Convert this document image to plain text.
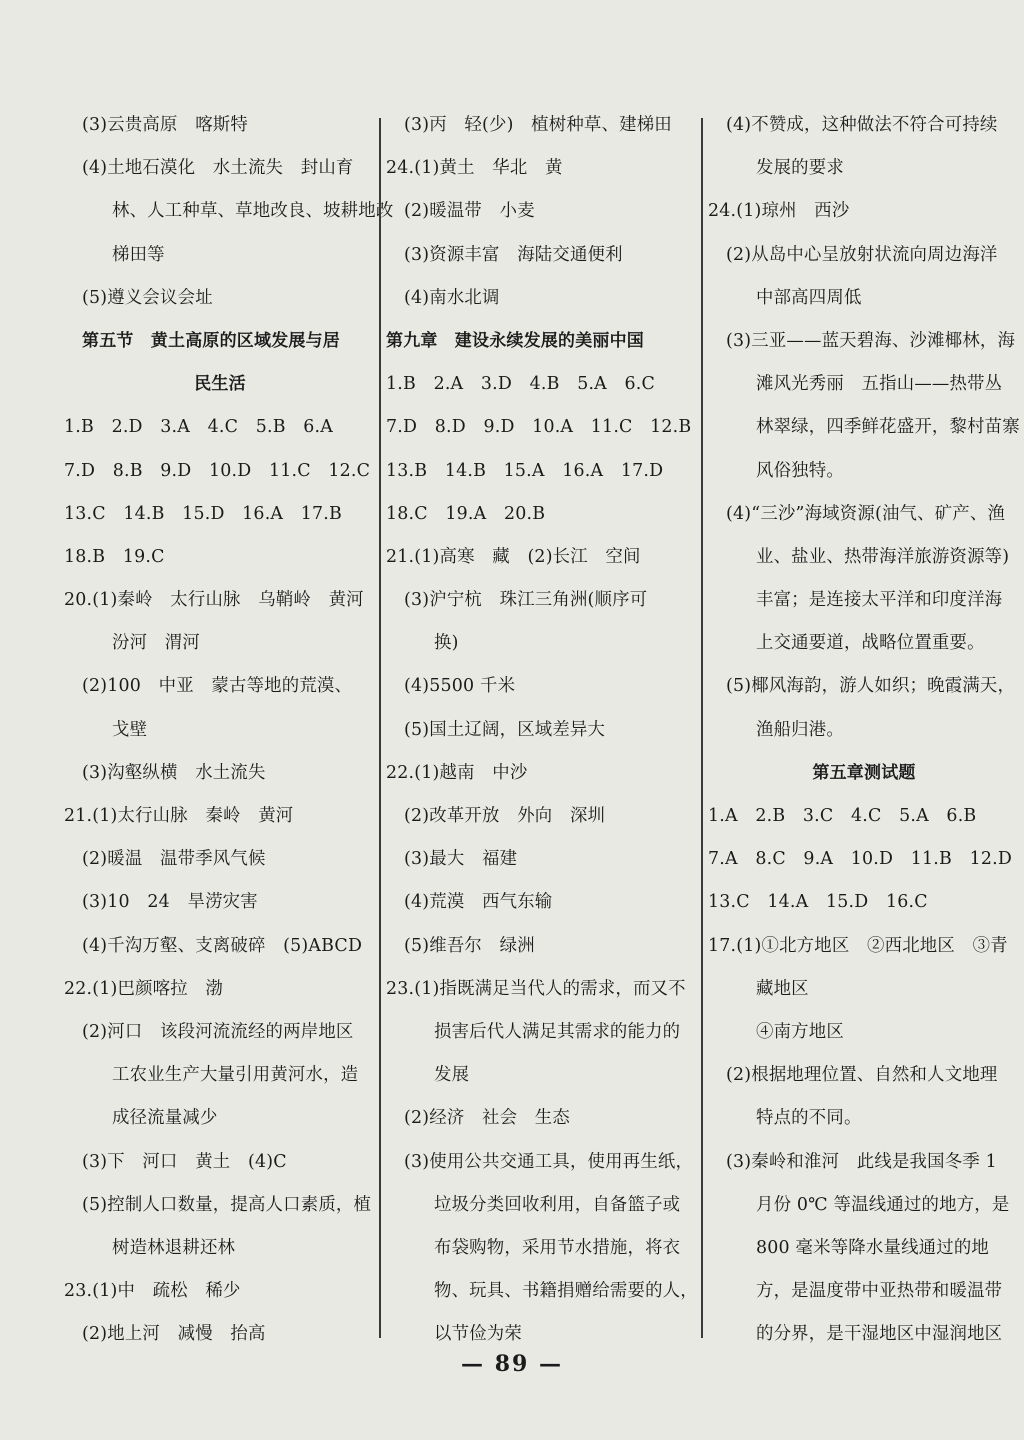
(3)云贵高原　喀斯特
(4)土地石漠化　水土流失　封山育
林、人工种草、草地改良、坡耕地改
梯田等
(5)遵义会议会址
第五节　黄土高原的区域发展与居
民生活
1.B　2.D　3.A　4.C　5.B　6.A
7.D　8.B　9.D　10.D　11.C　12.C
13.C　14.B　15.D　16.A　17.B
18.B　19.C
20.(1)秦岭　太行山脉　乌鞘岭　黄河
汾河　渭河
(2)100　中亚　蒙古等地的荒漠、
戈壁
(3)沟壑纵横　水土流失
21.(1)太行山脉　秦岭　黄河
(2)暖温　温带季风气候
(3)10　24　旱涝灾害
(4)千沟万壑、支离破碎　(5)ABCD
22.(1)巴颜喀拉　渤
(2)河口　该段河流流经的两岸地区
工农业生产大量引用黄河水，造
成径流量减少
(3)下　河口　黄土　(4)C
(5)控制人口数量，提高人口素质，植
树造林退耕还林
23.(1)中　疏松　稀少
(2)地上河　减慢　抬高
(3)丙　轻(少)　植树种草、建梯田
24.(1)黄土　华北　黄
(2)暖温带　小麦
(3)资源丰富　海陆交通便利
(4)南水北调
第九章　建设永续发展的美丽中国
1.B　2.A　3.D　4.B　5.A　6.C
7.D　8.D　9.D　10.A　11.C　12.B
13.B　14.B　15.A　16.A　17.D
18.C　19.A　20.B
21.(1)高寒　藏　(2)长江　空间
(3)沪宁杭　珠江三角洲(顺序可
换)
(4)5500 千米
(5)国土辽阔，区域差异大
22.(1)越南　中沙
(2)改革开放　外向　深圳
(3)最大　福建
(4)荒漠　西气东输
(5)维吾尔　绿洲
23.(1)指既满足当代人的需求，而又不
损害后代人满足其需求的能力的
发展
(2)经济　社会　生态
(3)使用公共交通工具，使用再生纸，
垃圾分类回收利用，自备篮子或
布袋购物，采用节水措施，将衣
物、玩具、书籍捐赠给需要的人，
以节俭为荣
(4)不赞成，这种做法不符合可持续
发展的要求
24.(1)琼州　西沙
(2)从岛中心呈放射状流向周边海洋
中部高四周低
(3)三亚——蓝天碧海、沙滩椰林，海
滩风光秀丽　五指山——热带丛
林翠绿，四季鲜花盛开，黎村苗寨
风俗独特。
(4)“三沙”海域资源(油气、矿产、渔
业、盐业、热带海洋旅游资源等)
丰富；是连接太平洋和印度洋海
上交通要道，战略位置重要。
(5)椰风海韵，游人如织；晚霞满天，
渔船归港。
第五章测试题
1.A　2.B　3.C　4.C　5.A　6.B
7.A　8.C　9.A　10.D　11.B　12.D
13.C　14.A　15.D　16.C
17.(1)①北方地区　②西北地区　③青
藏地区
④南方地区
(2)根据地理位置、自然和人文地理
特点的不同。
(3)秦岭和淮河　此线是我国冬季 1
月份 0℃ 等温线通过的地方，是
800 毫米等降水量线通过的地
方，是温度带中亚热带和暖温带
的分界，是干湿地区中湿润地区
— 89 —
